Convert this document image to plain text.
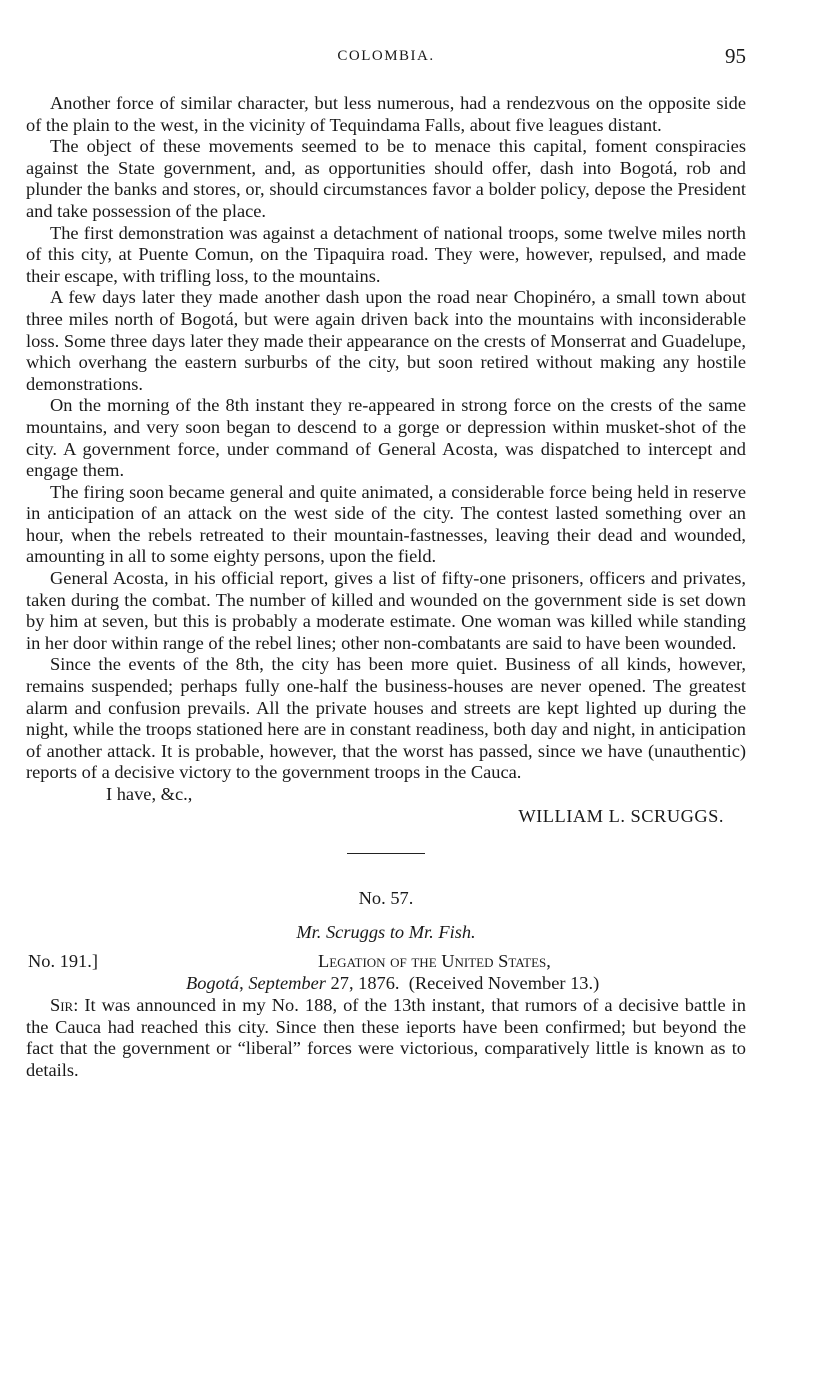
COLOMBIA.	95

Another force of similar character, but less numerous, had a rendezvous on the opposite side of the plain to the west, in the vicinity of Tequindama Falls, about five leagues distant.

The object of these movements seemed to be to menace this capital, foment conspiracies against the State government, and, as opportunities should offer, dash into Bogotá, rob and plunder the banks and stores, or, should circumstances favor a bolder policy, depose the President and take possession of the place.

The first demonstration was against a detachment of national troops, some twelve miles north of this city, at Puente Comun, on the Tipaquira road. They were, however, repulsed, and made their escape, with trifling loss, to the mountains.

A few days later they made another dash upon the road near Chopinéro, a small town about three miles north of Bogotá, but were again driven back into the mountains with inconsiderable loss. Some three days later they made their appearance on the crests of Monserrat and Guadelupe, which overhang the eastern surburbs of the city, but soon retired without making any hostile demonstrations.

On the morning of the 8th instant they re-appeared in strong force on the crests of the same mountains, and very soon began to descend to a gorge or depression within musket-shot of the city. A government force, under command of General Acosta, was dispatched to intercept and engage them.

The firing soon became general and quite animated, a considerable force being held in reserve in anticipation of an attack on the west side of the city. The contest lasted something over an hour, when the rebels retreated to their mountain-fastnesses, leaving their dead and wounded, amounting in all to some eighty persons, upon the field.

General Acosta, in his official report, gives a list of fifty-one prisoners, officers and privates, taken during the combat. The number of killed and wounded on the government side is set down by him at seven, but this is probably a moderate estimate. One woman was killed while standing in her door within range of the rebel lines; other non-combatants are said to have been wounded.

Since the events of the 8th, the city has been more quiet. Business of all kinds, however, remains suspended; perhaps fully one-half the business-houses are never opened. The greatest alarm and confusion prevails. All the private houses and streets are kept lighted up during the night, while the troops stationed here are in constant readiness, both day and night, in anticipation of another attack. It is probable, however, that the worst has passed, since we have (unauthentic) reports of a decisive victory to the government troops in the Cauca.

I have, &c.,

WILLIAM L. SCRUGGS.

No. 57.

Mr. Scruggs to Mr. Fish.

No. 191.]	Legation of the United States,

Bogotá, September 27, 1876. (Received November 13.)

Sir: It was announced in my No. 188, of the 13th instant, that rumors of a decisive battle in the Cauca had reached this city. Since then these ieports have been confirmed; but beyond the fact that the government or “liberal” forces were victorious, comparatively little is known as to details.
